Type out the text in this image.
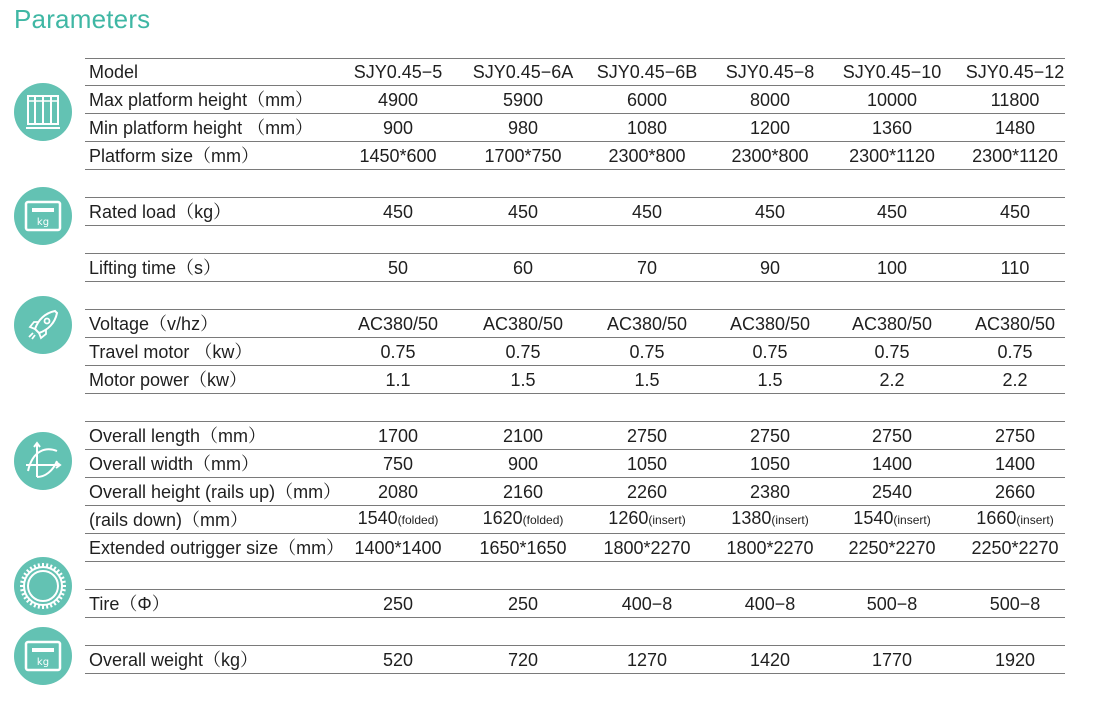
Parameters
Model	SJY0.45−5 SJY0.45−6A SJY0.45−6B SJY0.45−8 SJY0.45−10 SJY0.45−12
Max platform height（mm）	4900	5900	6000	8000	10000	11800
Min platform height （mm）	900	980	1080	1200	1360	1480
Platform size（mm）	1450*600	1700*750	2300*800	2300*800 2300*1120 2300*1120
Rated load（kg）	450	450	450	450	450	450
Lifting time（s）	50	60	70	90	100	110
Voltage（v/hz）	AC380/50 AC380/50 AC380/50 AC380/50 AC380/50 AC380/50
Travel motor （kw）	0.75	0.75	0.75	0.75	0.75	0.75
Motor power（kw）	1.1	1.5	1.5	1.5	2.2	2.2
Overall length（mm）	1700	2100	2750	2750	2750	2750
Overall width（mm）	750	900	1050	1050	1400	1400
Overall height (rails up)（mm） 2080	2160	2260	2380	2540	2660
(rails down)（mm）	1540(folded) 1620(folded) 1260(insert)	1380(insert) 1540(insert)	1660(insert)
Extended outrigger size（mm） 1400*1400 1650*1650 1800*2270 1800*2270 2250*2270 2250*2270
Tire（Φ）	250	250	400−8	400−8	500−8	500−8
Overall weight（kg）	520	720	1270	1420	1770	1920
kg
kg
